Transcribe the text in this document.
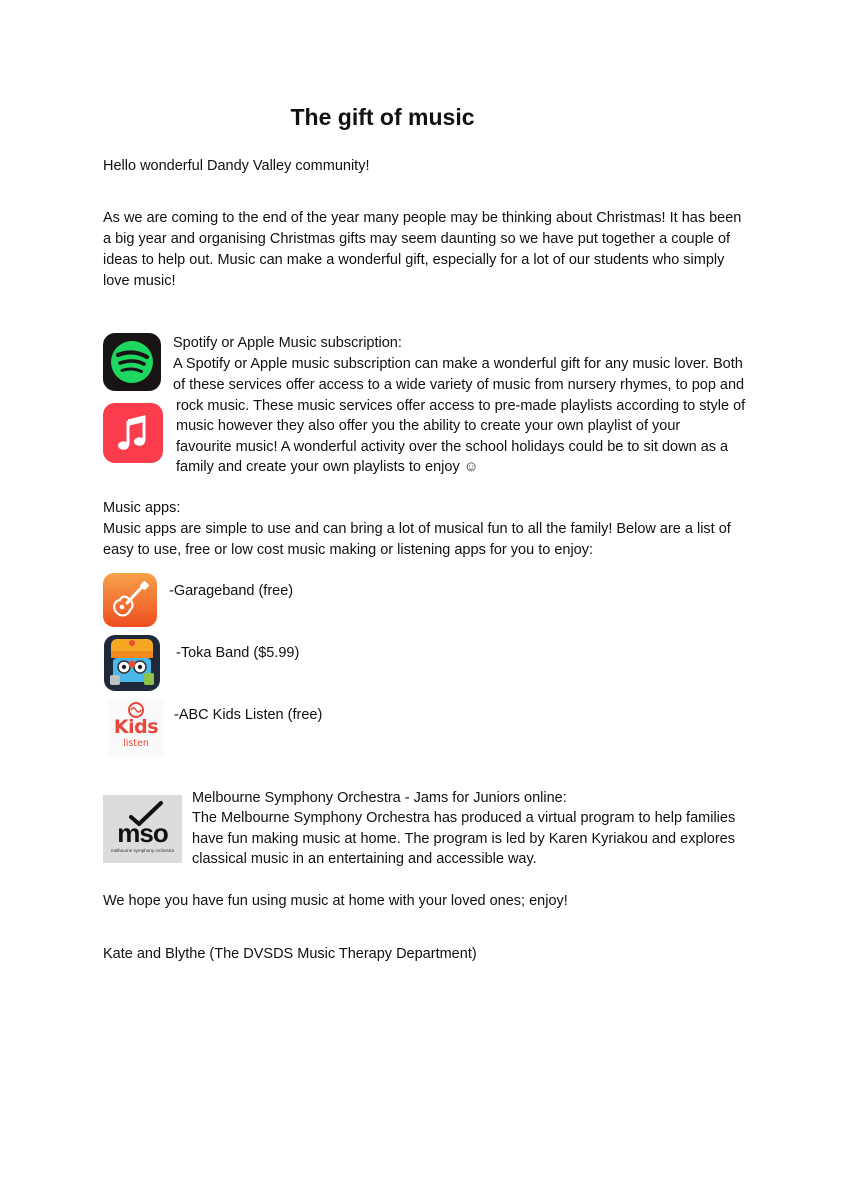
The gift of music
Hello wonderful Dandy Valley community!
As we are coming to the end of the year many people may be thinking about Christmas! It has been
a big year and organising Christmas gifts may seem daunting so we have put together a couple of
ideas to help out. Music can make a wonderful gift, especially for a lot of our students who simply
love music!
Spotify or Apple Music subscription:
A Spotify or Apple music subscription can make a wonderful gift for any music lover. Both
of these services offer access to a wide variety of music from nursery rhymes, to pop and
rock music. These music services offer access to pre-made playlists according to style of
music however they also offer you the ability to create your own playlist of your
favourite music! A wonderful activity over the school holidays could be to sit down as a
family and create your own playlists to enjoy ☺
Music apps:
Music apps are simple to use and can bring a lot of musical fun to all the family! Below are a list of
easy to use, free or low cost music making or listening apps for you to enjoy:
-Garageband (free)
-Toka Band ($5.99)
Kids
listen
-ABC Kids Listen (free)
mso
melbourne symphony orchestra
Melbourne Symphony Orchestra - Jams for Juniors online:
The Melbourne Symphony Orchestra has produced a virtual program to help families
have fun making music at home. The program is led by Karen Kyriakou and explores
classical music in an entertaining and accessible way.
We hope you have fun using music at home with your loved ones; enjoy!
Kate and Blythe (The DVSDS Music Therapy Department)
